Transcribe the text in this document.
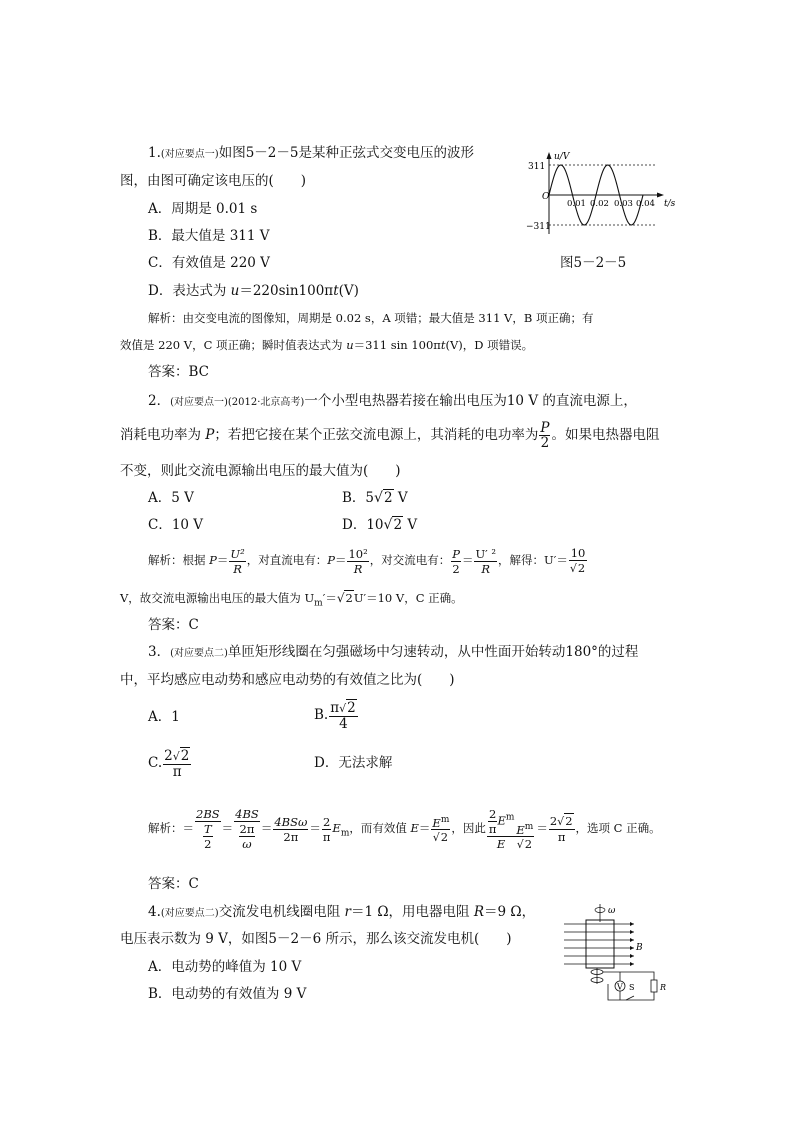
1.(对应要点一)如图5－2－5是某种正弦式交变电压的波形
图，由图可确定该电压的(　　)
A．周期是 0.01 s
B．最大值是 311 V
C．有效值是 220 V
D．表达式为 u＝220sin100πt(V)
311
−311
O
u/V
t/s
0.01 0.02 0.03 0.04
图5－2－5
解析：由交变电流的图像知，周期是 0.02 s，A 项错；最大值是 311 V，B 项正确；有
效值是 220 V，C 项正确；瞬时值表达式为 u＝311 sin 100πt(V)，D 项错误。
答案：BC
2．(对应要点一)(2012·北京高考)一个小型电热器若接在输出电压为10 V 的直流电源上，
消耗电功率为 P；若把它接在某个正弦交流电源上，其消耗的电功率为 $\frac{P}{2}$ 。如果电热器电阻
不变，则此交流电源输出电压的最大值为(　　)
A．5 V	B．5√2 V
C．10 V	D．10√2 V
解析：根据 $P= \frac{\text{U²}}{R}$ ，对直流电有：$P= \frac{\text{10²}}{R}$ ，对交流电有： $\frac{P}{2} = \frac{\text{U′ ²}}{R}$ ，解得：$U'= \frac{10}{√2}$
V，故交流电源输出电压的最大值为 $U_m'=√2U'=10$ V，C 正确。
答案：C
3．(对应要点二)单匝矩形线圈在匀强磁场中匀速转动，从中性面开始转动180°的过程
中，平均感应电动势和感应电动势的有效值之比为(　　)
A．1	B. $\frac{\pi√2}{4}$
C. $\frac{2√2}{\pi}$	D．无法求解
解析：＝ $\frac{2BS}{\frac{T}{2}} = \frac{4BS}{\frac{2\pi}{\omega}} = \frac{\text{4BSω}}{2\pi} = \frac{2}{\pi} E_m$，而有效值 $E= \frac{E^m}{√2}$ ，因此 $\frac{\frac{2}{\pi} E^m}{E}$
$\frac{E^m}{√2} = \frac{2√2}{\pi}$ ，选项 C 正确。
答案：C
4.(对应要点二)交流发电机线圈电阻 r＝1 Ω，用电器电阻 R＝9 Ω，
电压表示数为 9 V，如图5－2－6 所示，那么该交流发电机(　　)
A．电动势的峰值为 10 V
B．电动势的有效值为 9 V
ω
B
V S	R
